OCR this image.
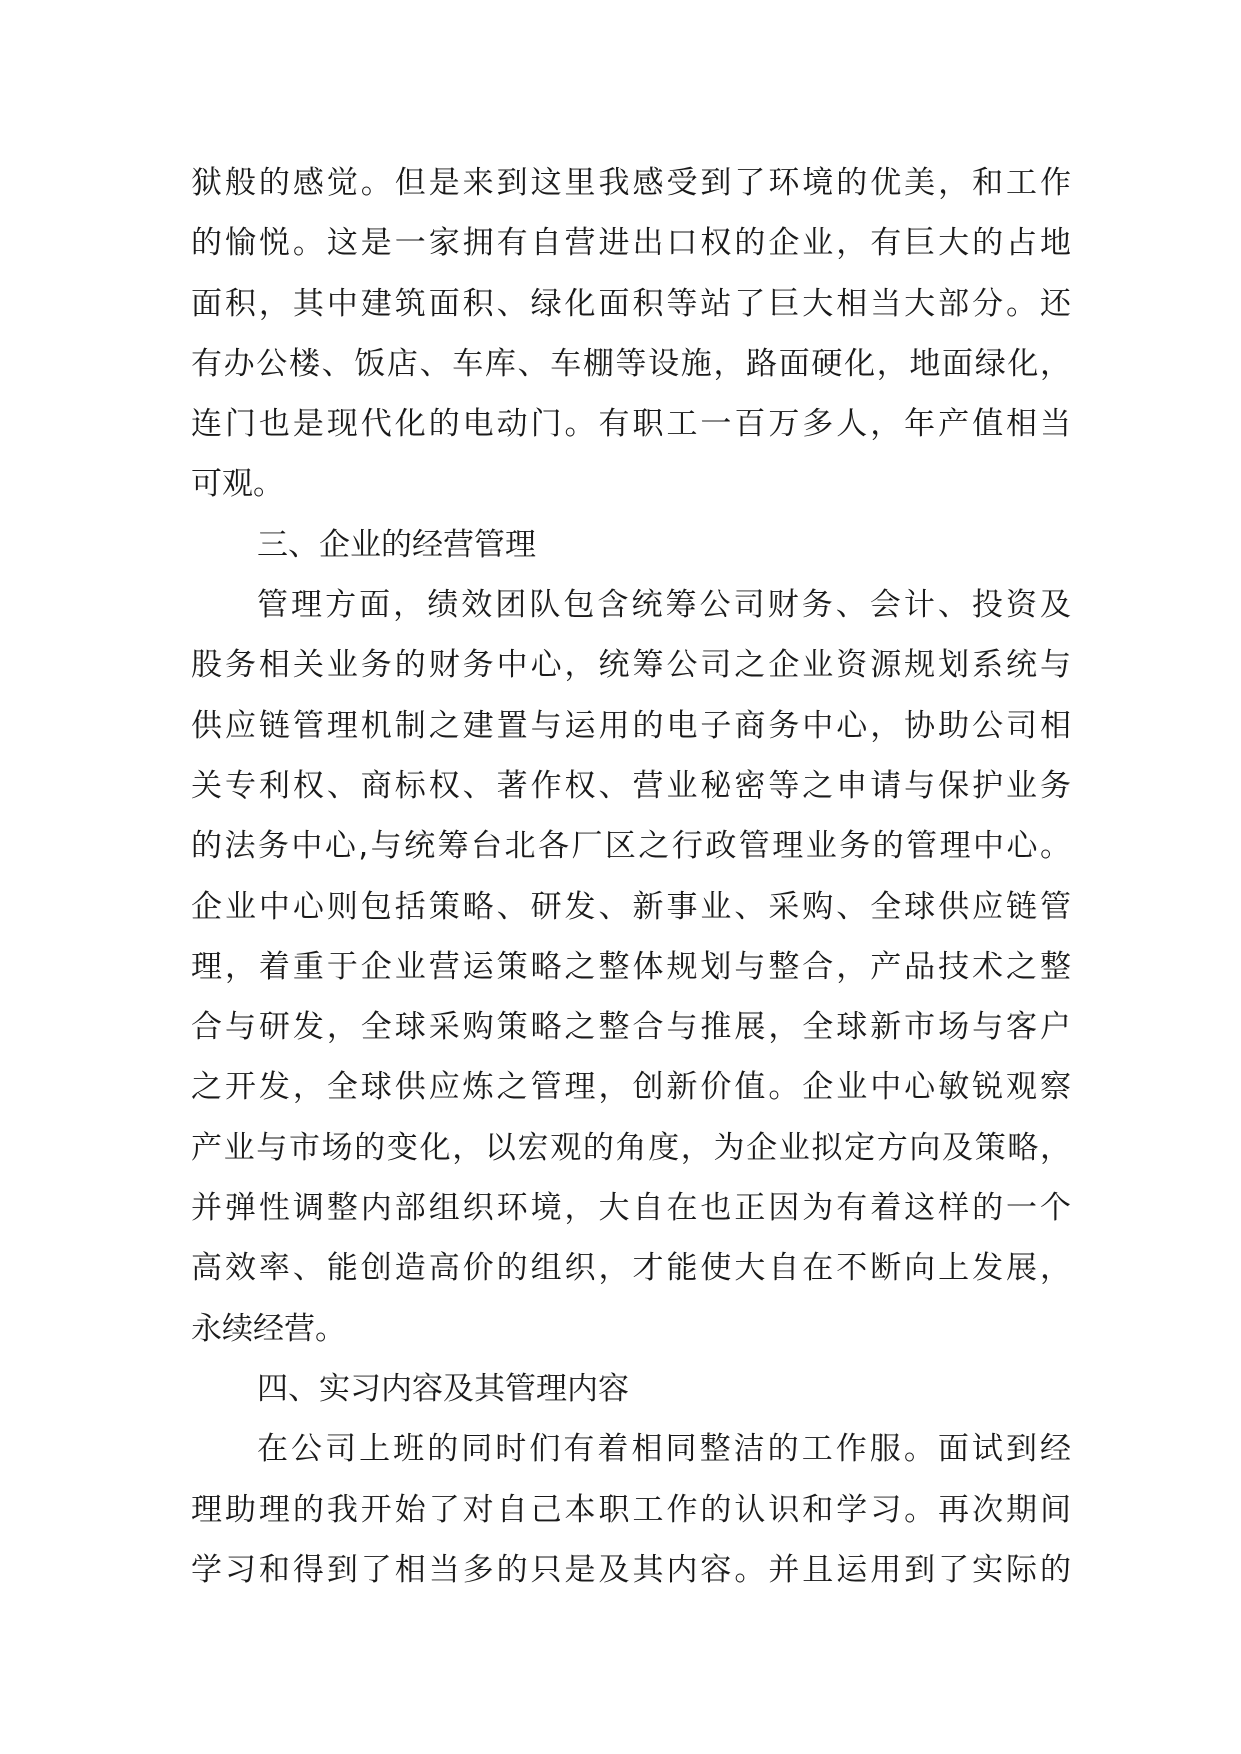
狱般的感觉。但是来到这里我感受到了环境的优美，和工作
的愉悦。这是一家拥有自营进出口权的企业，有巨大的占地
面积，其中建筑面积、绿化面积等站了巨大相当大部分。还
有办公楼、饭店、车库、车棚等设施，路面硬化，地面绿化，
连门也是现代化的电动门。有职工一百万多人，年产值相当
可观。
三、企业的经营管理
管理方面，绩效团队包含统筹公司财务、会计、投资及
股务相关业务的财务中心，统筹公司之企业资源规划系统与
供应链管理机制之建置与运用的电子商务中心，协助公司相
关专利权、商标权、著作权、营业秘密等之申请与保护业务
的法务中心,与统筹台北各厂区之行政管理业务的管理中心。
企业中心则包括策略、研发、新事业、采购、全球供应链管
理，着重于企业营运策略之整体规划与整合，产品技术之整
合与研发，全球采购策略之整合与推展，全球新市场与客户
之开发，全球供应炼之管理，创新价值。企业中心敏锐观察
产业与市场的变化，以宏观的角度，为企业拟定方向及策略，
并弹性调整内部组织环境，大自在也正因为有着这样的一个
高效率、能创造高价的组织，才能使大自在不断向上发展，
永续经营。
四、实习内容及其管理内容
在公司上班的同时们有着相同整洁的工作服。面试到经
理助理的我开始了对自己本职工作的认识和学习。再次期间
学习和得到了相当多的只是及其内容。并且运用到了实际的
